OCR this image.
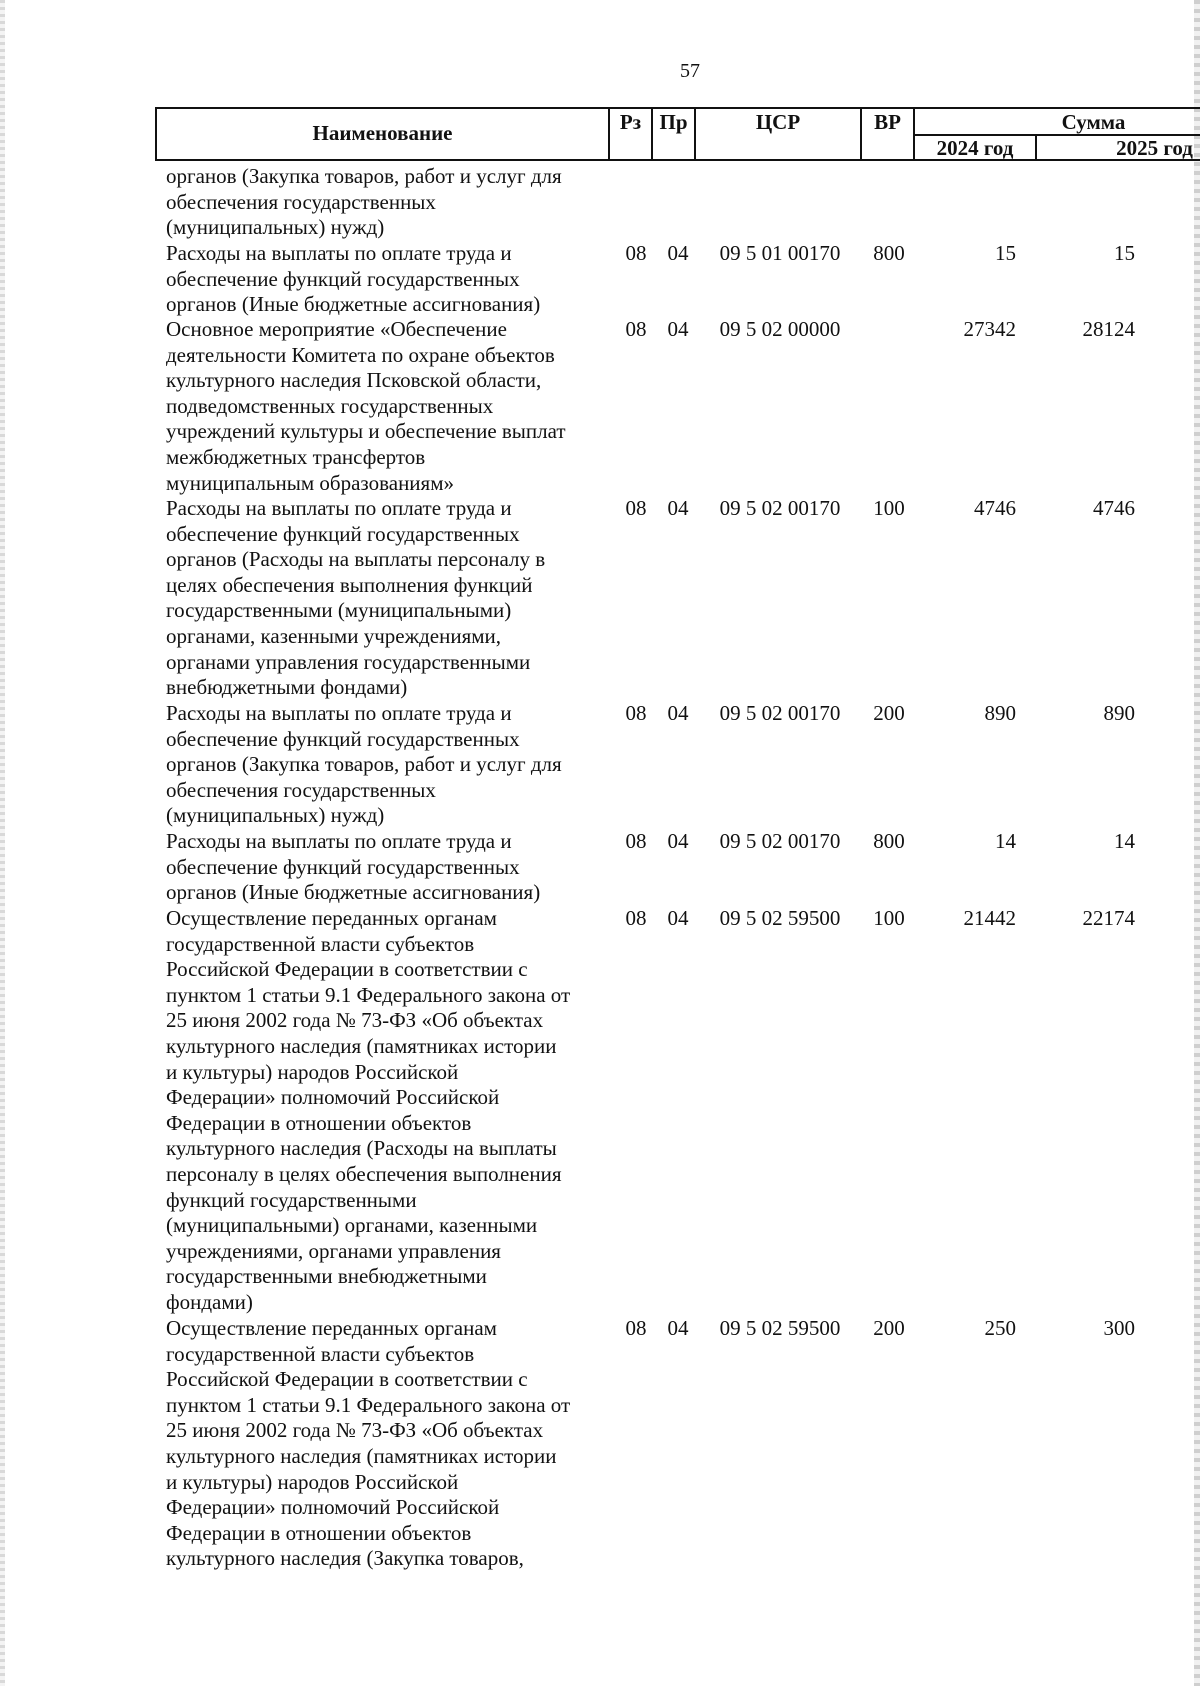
57
Наименование	Рз Пр	ЦСР	ВР	Сумма
2024 год	2025 год
органов (Закупка товаров, работ и услуг для
обеспечения государственных
(муниципальных) нужд)
Расходы на выплаты по оплате труда и
обеспечение функций государственных
органов (Иные бюджетные ассигнования)
08	04	09 5 01 00170	800	15	15
Основное мероприятие «Обеспечение
деятельности Комитета по охране объектов
культурного наследия Псковской области,
подведомственных государственных
учреждений культуры и обеспечение выплат
межбюджетных трансфертов
муниципальным образованиям»
08	04	09 5 02 00000	27342	28124
Расходы на выплаты по оплате труда и
обеспечение функций государственных
органов (Расходы на выплаты персоналу в
целях обеспечения выполнения функций
государственными (муниципальными)
органами, казенными учреждениями,
органами управления государственными
внебюджетными фондами)
08	04	09 5 02 00170	100	4746	4746
Расходы на выплаты по оплате труда и
обеспечение функций государственных
органов (Закупка товаров, работ и услуг для
обеспечения государственных
(муниципальных) нужд)
08	04	09 5 02 00170	200	890	890
Расходы на выплаты по оплате труда и
обеспечение функций государственных
органов (Иные бюджетные ассигнования)
08	04	09 5 02 00170	800	14	14
Осуществление переданных органам
государственной власти субъектов
Российской Федерации в соответствии с
пунктом 1 статьи 9.1 Федерального закона от
25 июня 2002 года № 73-ФЗ «Об объектах
культурного наследия (памятниках истории
и культуры) народов Российской
Федерации» полномочий Российской
Федерации в отношении объектов
культурного наследия (Расходы на выплаты
персоналу в целях обеспечения выполнения
функций государственными
(муниципальными) органами, казенными
учреждениями, органами управления
государственными внебюджетными
фондами)
08	04	09 5 02 59500	100	21442	22174
Осуществление переданных органам
государственной власти субъектов
Российской Федерации в соответствии с
пунктом 1 статьи 9.1 Федерального закона от
25 июня 2002 года № 73-ФЗ «Об объектах
культурного наследия (памятниках истории
и культуры) народов Российской
Федерации» полномочий Российской
Федерации в отношении объектов
культурного наследия (Закупка товаров,
08	04	09 5 02 59500	200	250	300
